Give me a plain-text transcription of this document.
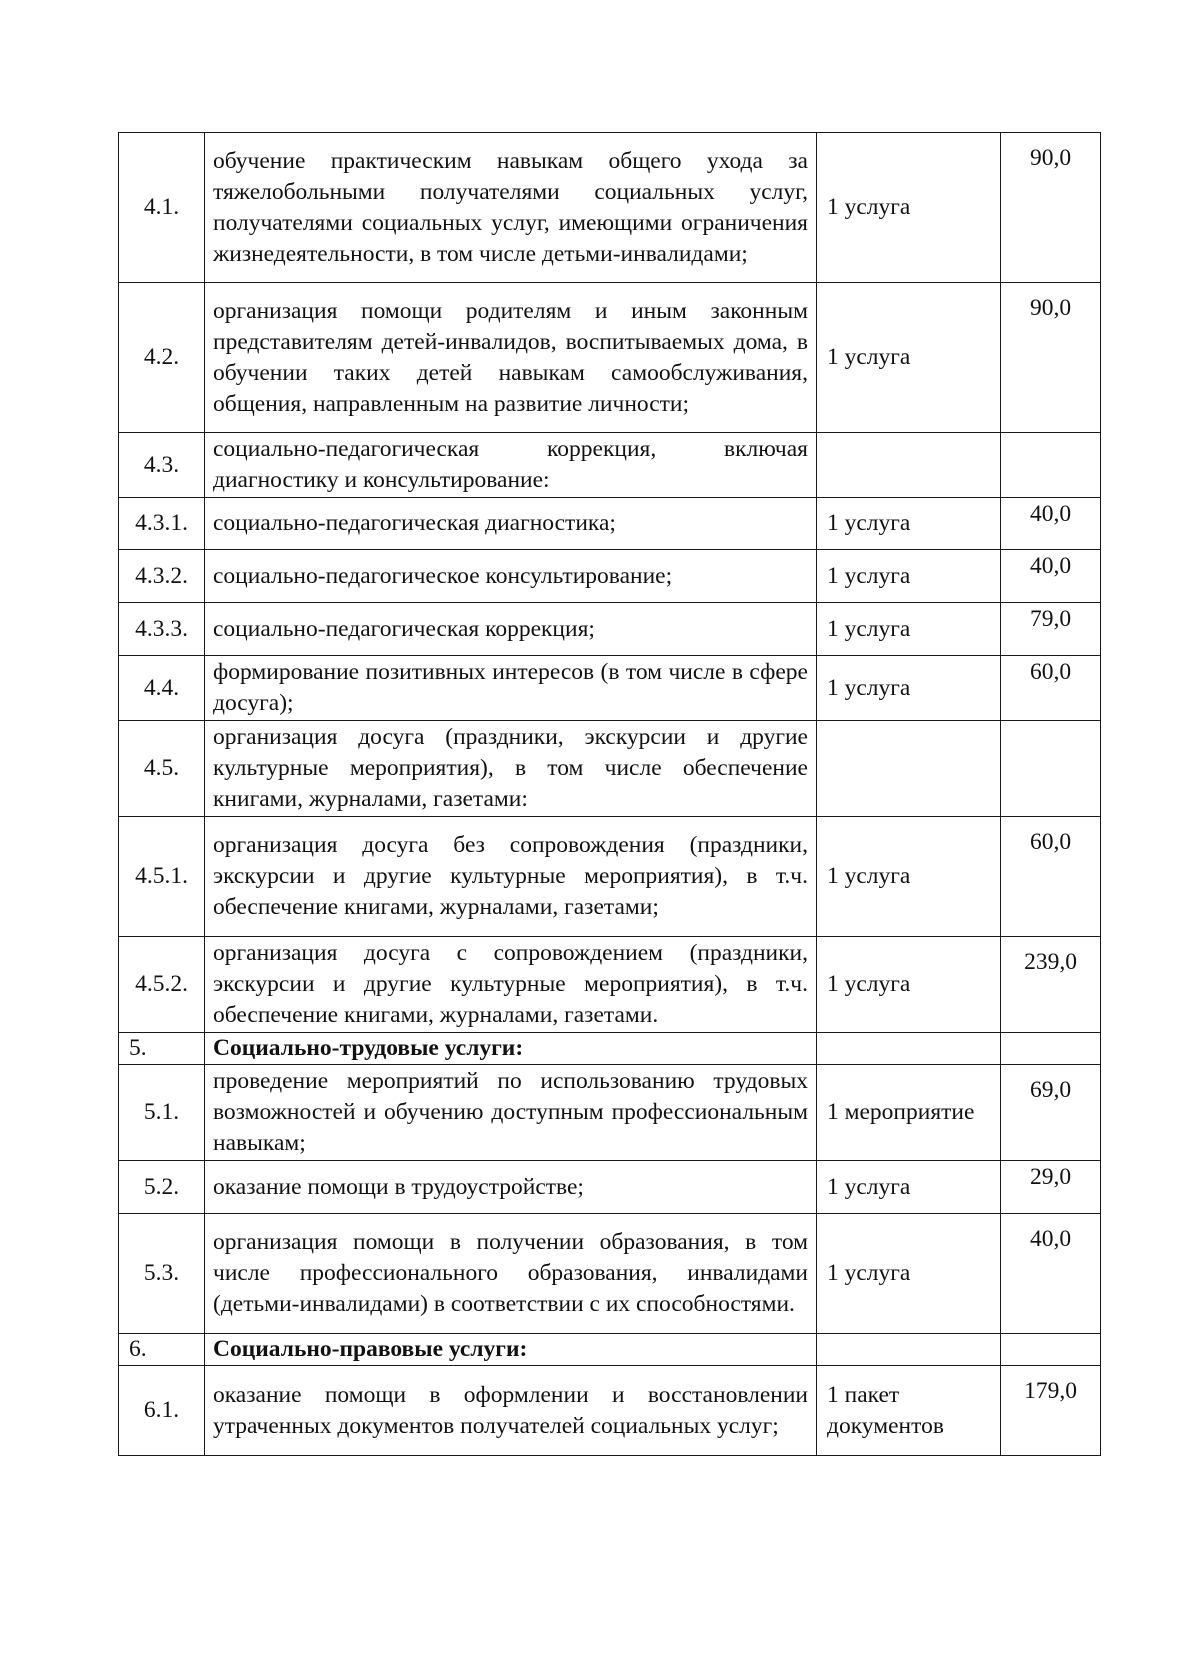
4.1.	обучение практическим навыкам общего ухода за тяжелобольными получателями социальных услуг, получателями социальных услуг, имеющими ограничения жизнедеятельности, в том числе детьми-инвалидами;	1 услуга	90,0
4.2.	организация помощи родителям и иным законным представителям детей-инвалидов, воспитываемых дома, в обучении таких детей навыкам самообслуживания, общения, направленным на развитие личности;	1 услуга	90,0
4.3.	социально-педагогическая коррекция, включая диагностику и консультирование:		
4.3.1.	социально-педагогическая диагностика;	1 услуга	40,0
4.3.2.	социально-педагогическое консультирование;	1 услуга	40,0
4.3.3.	социально-педагогическая коррекция;	1 услуга	79,0
4.4.	формирование позитивных интересов (в том числе в сфере досуга);	1 услуга	60,0
4.5.	организация досуга (праздники, экскурсии и другие культурные мероприятия), в том числе обеспечение книгами, журналами, газетами:		
4.5.1.	организация досуга без сопровождения (праздники, экскурсии и другие культурные мероприятия), в т.ч. обеспечение книгами, журналами, газетами;	1 услуга	60,0
4.5.2.	организация досуга с сопровождением (праздники, экскурсии и другие культурные мероприятия), в т.ч. обеспечение книгами, журналами, газетами.	1 услуга	239,0
5.	Социально-трудовые услуги:		
5.1.	проведение мероприятий по использованию трудовых возможностей и обучению доступным профессиональным навыкам;	1 мероприятие	69,0
5.2.	оказание помощи в трудоустройстве;	1 услуга	29,0
5.3.	организация помощи в получении образования, в том числе профессионального образования, инвалидами (детьми-инвалидами) в соответствии с их способностями.	1 услуга	40,0
6.	Социально-правовые услуги:		
6.1.	оказание помощи в оформлении и восстановлении утраченных документов получателей социальных услуг;	1 пакет документов	179,0
